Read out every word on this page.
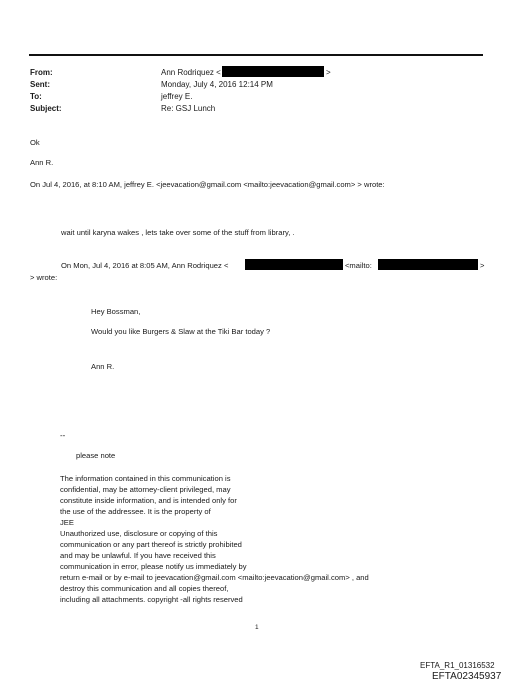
From:	Ann Rodriquez <	>
Sent:	Monday, July 4, 2016 12:14 PM
To:	jeffrey E.
Subject:	Re: GSJ Lunch
Ok
Ann R.
On Jul 4, 2016, at 8:10 AM, jeffrey E. <jeevacation@gmail.com <mailto:jeevacation@gmail.com> > wrote:
wait until karyna wakes , lets take over some of the stuff from library, .
On Mon, Jul 4, 2016 at 8:05 AM, Ann Rodriquez <	<mailto:	>
> wrote:
Hey Bossman,
Would you like Burgers & Slaw at the Tiki Bar today ?
Ann R.
--
please note
The information contained in this communication is
confidential, may be attorney-client privileged, may
constitute inside information, and is intended only for
the use of the addressee. It is the property of
JEE
Unauthorized use, disclosure or copying of this
communication or any part thereof is strictly prohibited
and may be unlawful. If you have received this
communication in error, please notify us immediately by
return e-mail or by e-mail to jeevacation@gmail.com <mailto:jeevacation@gmail.com> , and
destroy this communication and all copies thereof,
including all attachments. copyright -all rights reserved
1
EFTA_R1_01316532
EFTA02345937
